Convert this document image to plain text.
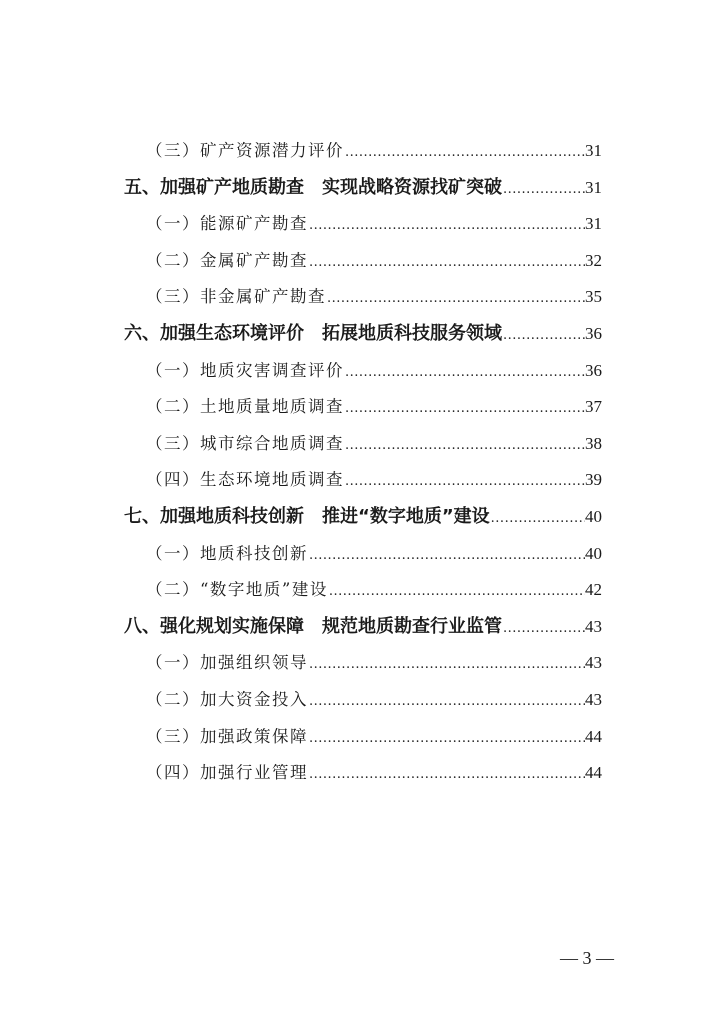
（三）矿产资源潜力评价 .....	31
五、加强矿产地质勘查　实现战略资源找矿突破 .....	31
（一）能源矿产勘查 .....	31
（二）金属矿产勘查 .....	32
（三）非金属矿产勘查 .....	35
六、加强生态环境评价　拓展地质科技服务领域 .....	36
（一）地质灾害调查评价 .....	36
（二）土地质量地质调查 .....	37
（三）城市综合地质调查 .....	38
（四）生态环境地质调查 .....	39
七、加强地质科技创新　推进“数字地质”建设 .....	40
（一）地质科技创新 .....	40
（二）“数字地质”建设 .....	42
八、强化规划实施保障　规范地质勘查行业监管 .....	43
（一）加强组织领导 .....	43
（二）加大资金投入 .....	43
（三）加强政策保障 .....	44
（四）加强行业管理 .....	44
— 3 —
